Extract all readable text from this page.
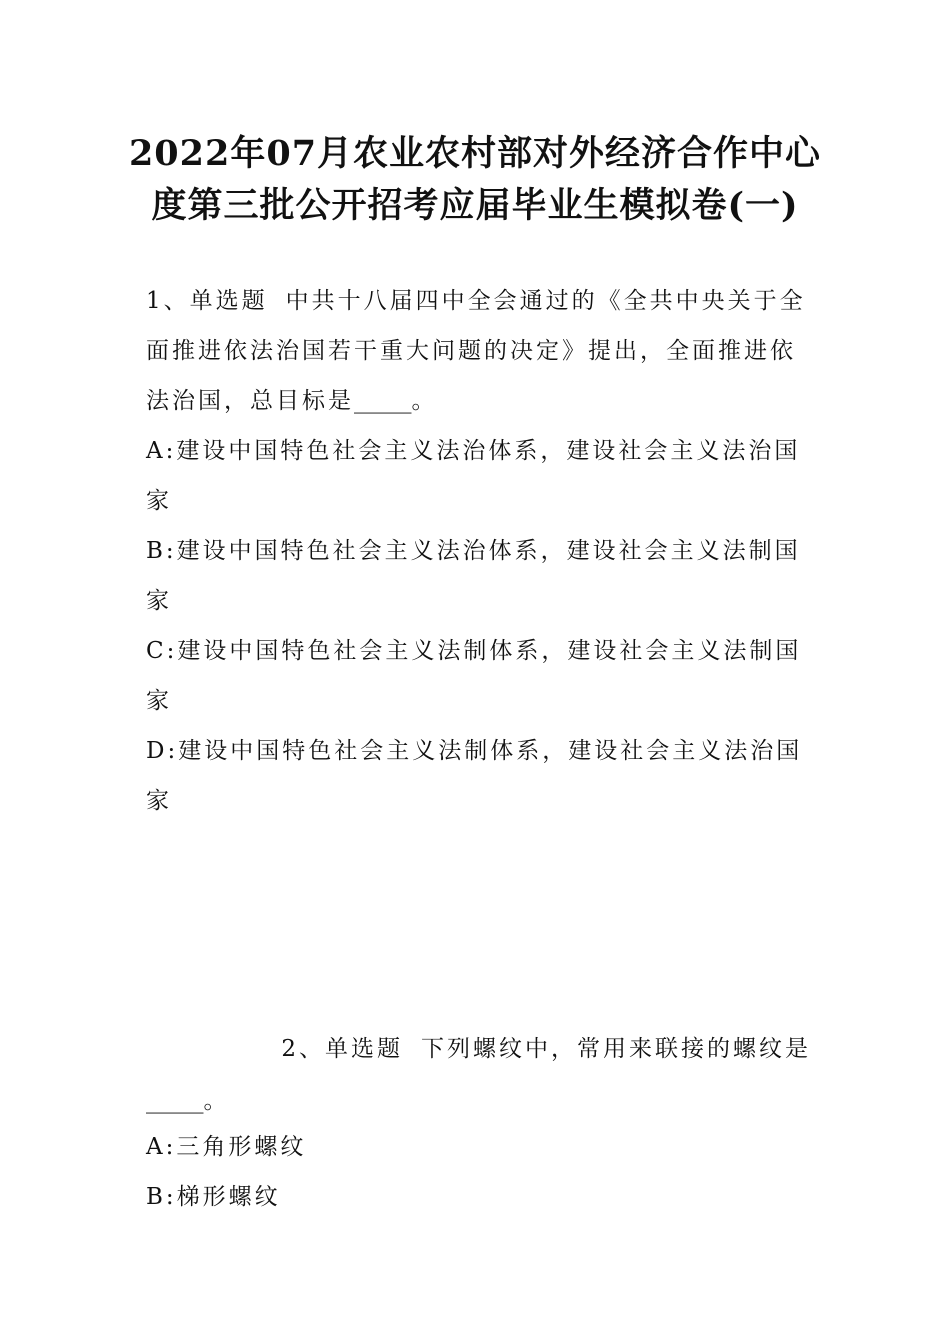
2022年07月农业农村部对外经济合作中心
度第三批公开招考应届毕业生模拟卷(一)
1、单选题 中共十八届四中全会通过的《全共中央关于全
面推进依法治国若干重大问题的决定》提出，全面推进依
法治国，总目标是_____。
A:建设中国特色社会主义法治体系，建设社会主义法治国
家
B:建设中国特色社会主义法治体系，建设社会主义法制国
家
C:建设中国特色社会主义法制体系，建设社会主义法制国
家
D:建设中国特色社会主义法制体系，建设社会主义法治国
家
2、单选题 下列螺纹中，常用来联接的螺纹是
_____。
A:三角形螺纹
B:梯形螺纹
